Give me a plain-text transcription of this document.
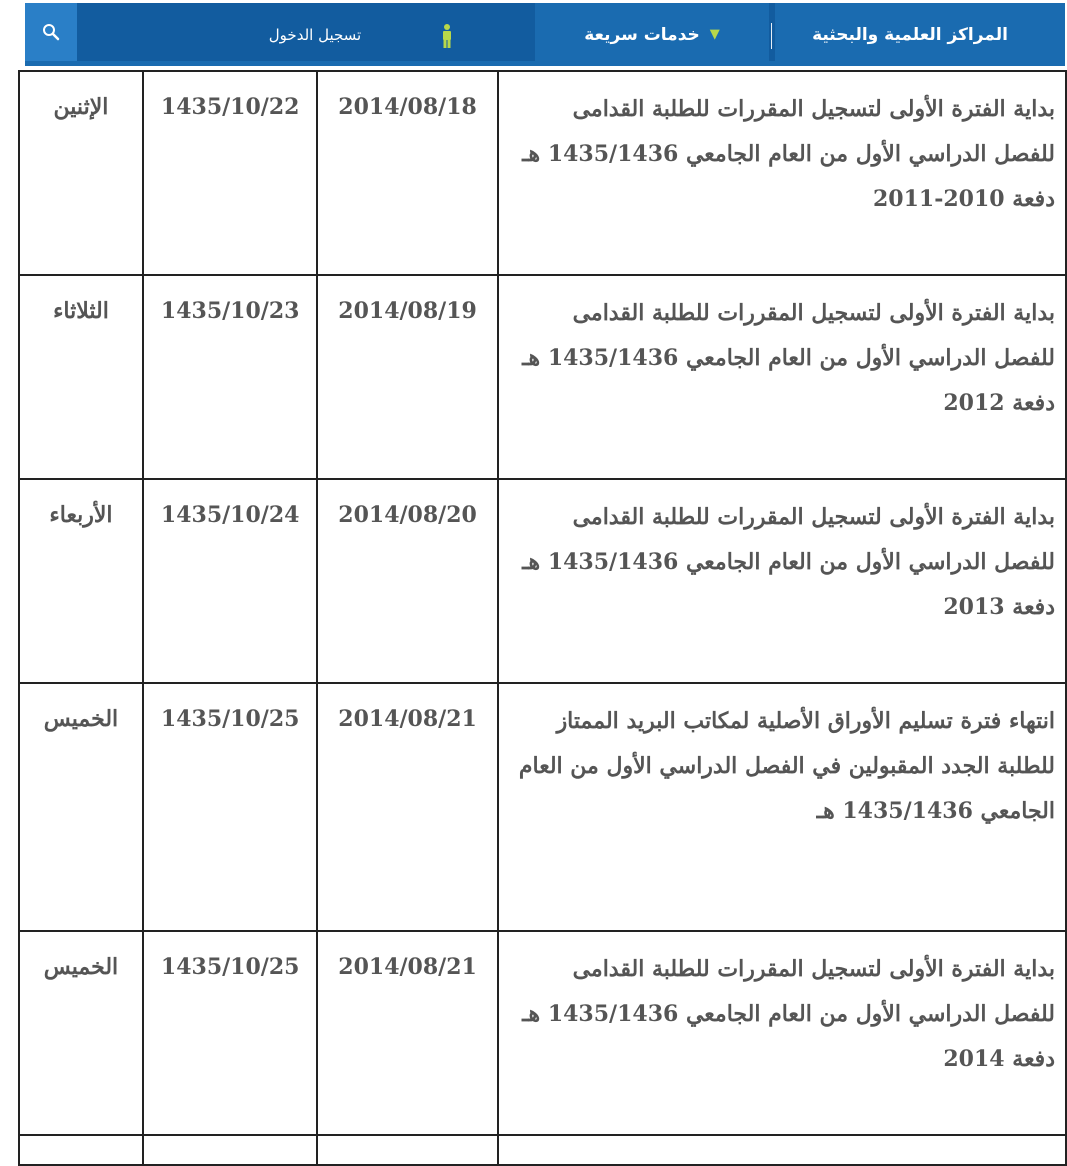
المراكز العلمية والبحثية
خدمات سريعة ▼
تسجيل الدخول
الإثنين	1435/10/22	2014/08/18	بداية الفترة الأولى لتسجيل المقررات للطلبة القدامى للفصل الدراسي الأول من العام الجامعي 1435/1436 هـ دفعة 2010-2011
الثلاثاء	1435/10/23	2014/08/19	بداية الفترة الأولى لتسجيل المقررات للطلبة القدامى للفصل الدراسي الأول من العام الجامعي 1435/1436 هـ دفعة 2012
الأربعاء	1435/10/24	2014/08/20	بداية الفترة الأولى لتسجيل المقررات للطلبة القدامى للفصل الدراسي الأول من العام الجامعي 1435/1436 هـ دفعة 2013
الخميس	1435/10/25	2014/08/21	انتهاء فترة تسليم الأوراق الأصلية لمكاتب البريد الممتاز للطلبة الجدد المقبولين في الفصل الدراسي الأول من العام الجامعي 1435/1436 هـ
الخميس	1435/10/25	2014/08/21	بداية الفترة الأولى لتسجيل المقررات للطلبة القدامى للفصل الدراسي الأول من العام الجامعي 1435/1436 هـ دفعة 2014
